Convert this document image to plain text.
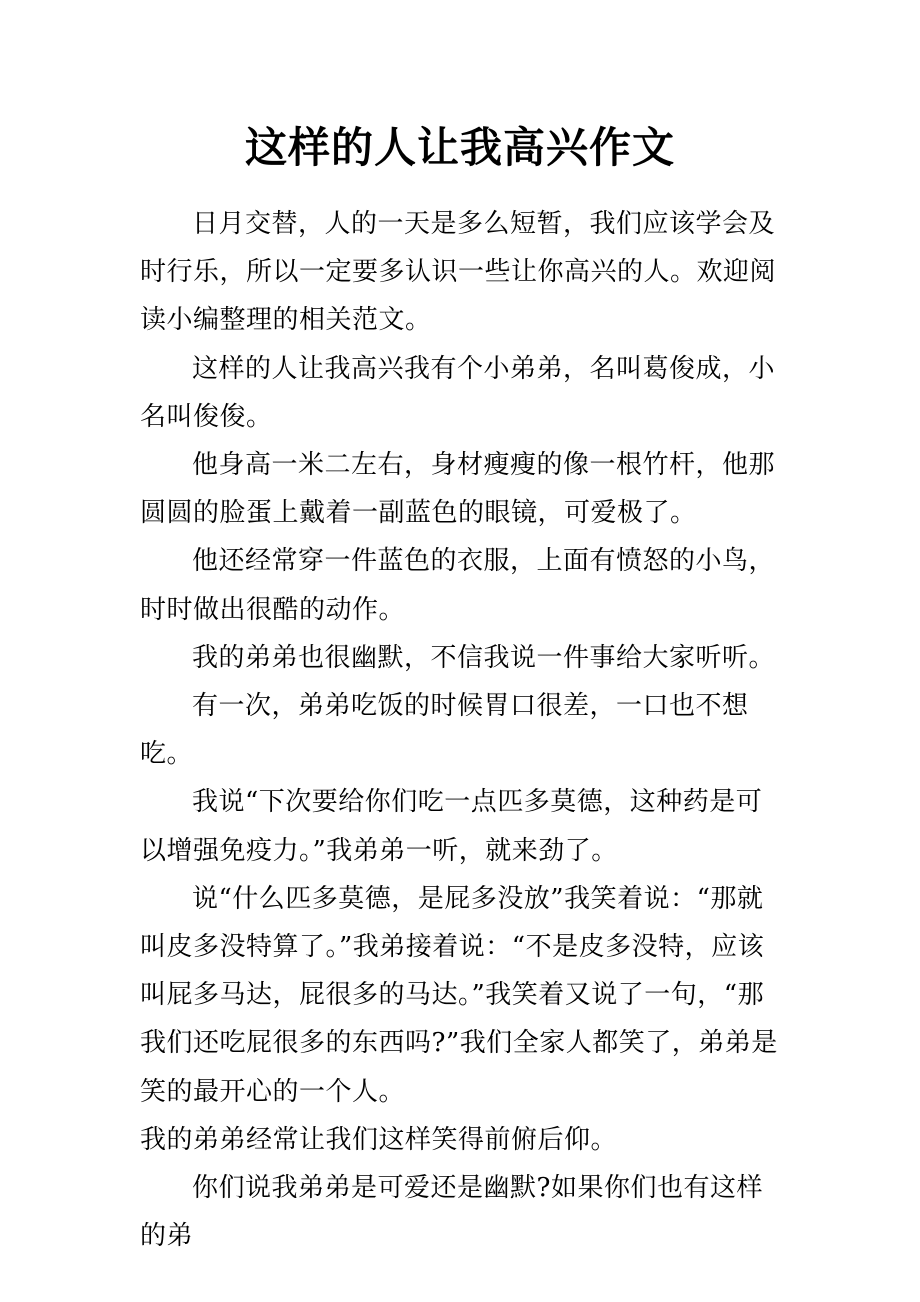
这样的人让我高兴作文

日月交替，人的一天是多么短暂，我们应该学会及时行乐，所以一定要多认识一些让你高兴的人。欢迎阅读小编整理的相关范文。

这样的人让我高兴我有个小弟弟，名叫葛俊成，小名叫俊俊。

他身高一米二左右，身材瘦瘦的像一根竹杆，他那圆圆的脸蛋上戴着一副蓝色的眼镜，可爱极了。

他还经常穿一件蓝色的衣服，上面有愤怒的小鸟，时时做出很酷的动作。

我的弟弟也很幽默，不信我说一件事给大家听听。

有一次，弟弟吃饭的时候胃口很差，一口也不想吃。

我说“下次要给你们吃一点匹多莫德，这种药是可以增强免疫力。”我弟弟一听，就来劲了。

说“什么匹多莫德，是屁多没放”我笑着说：“那就叫皮多没特算了。”我弟接着说：“不是皮多没特，应该叫屁多马达，屁很多的马达。”我笑着又说了一句，“那我们还吃屁很多的东西吗?”我们全家人都笑了，弟弟是笑的最开心的一个人。

我的弟弟经常让我们这样笑得前俯后仰。

你们说我弟弟是可爱还是幽默?如果你们也有这样的弟
